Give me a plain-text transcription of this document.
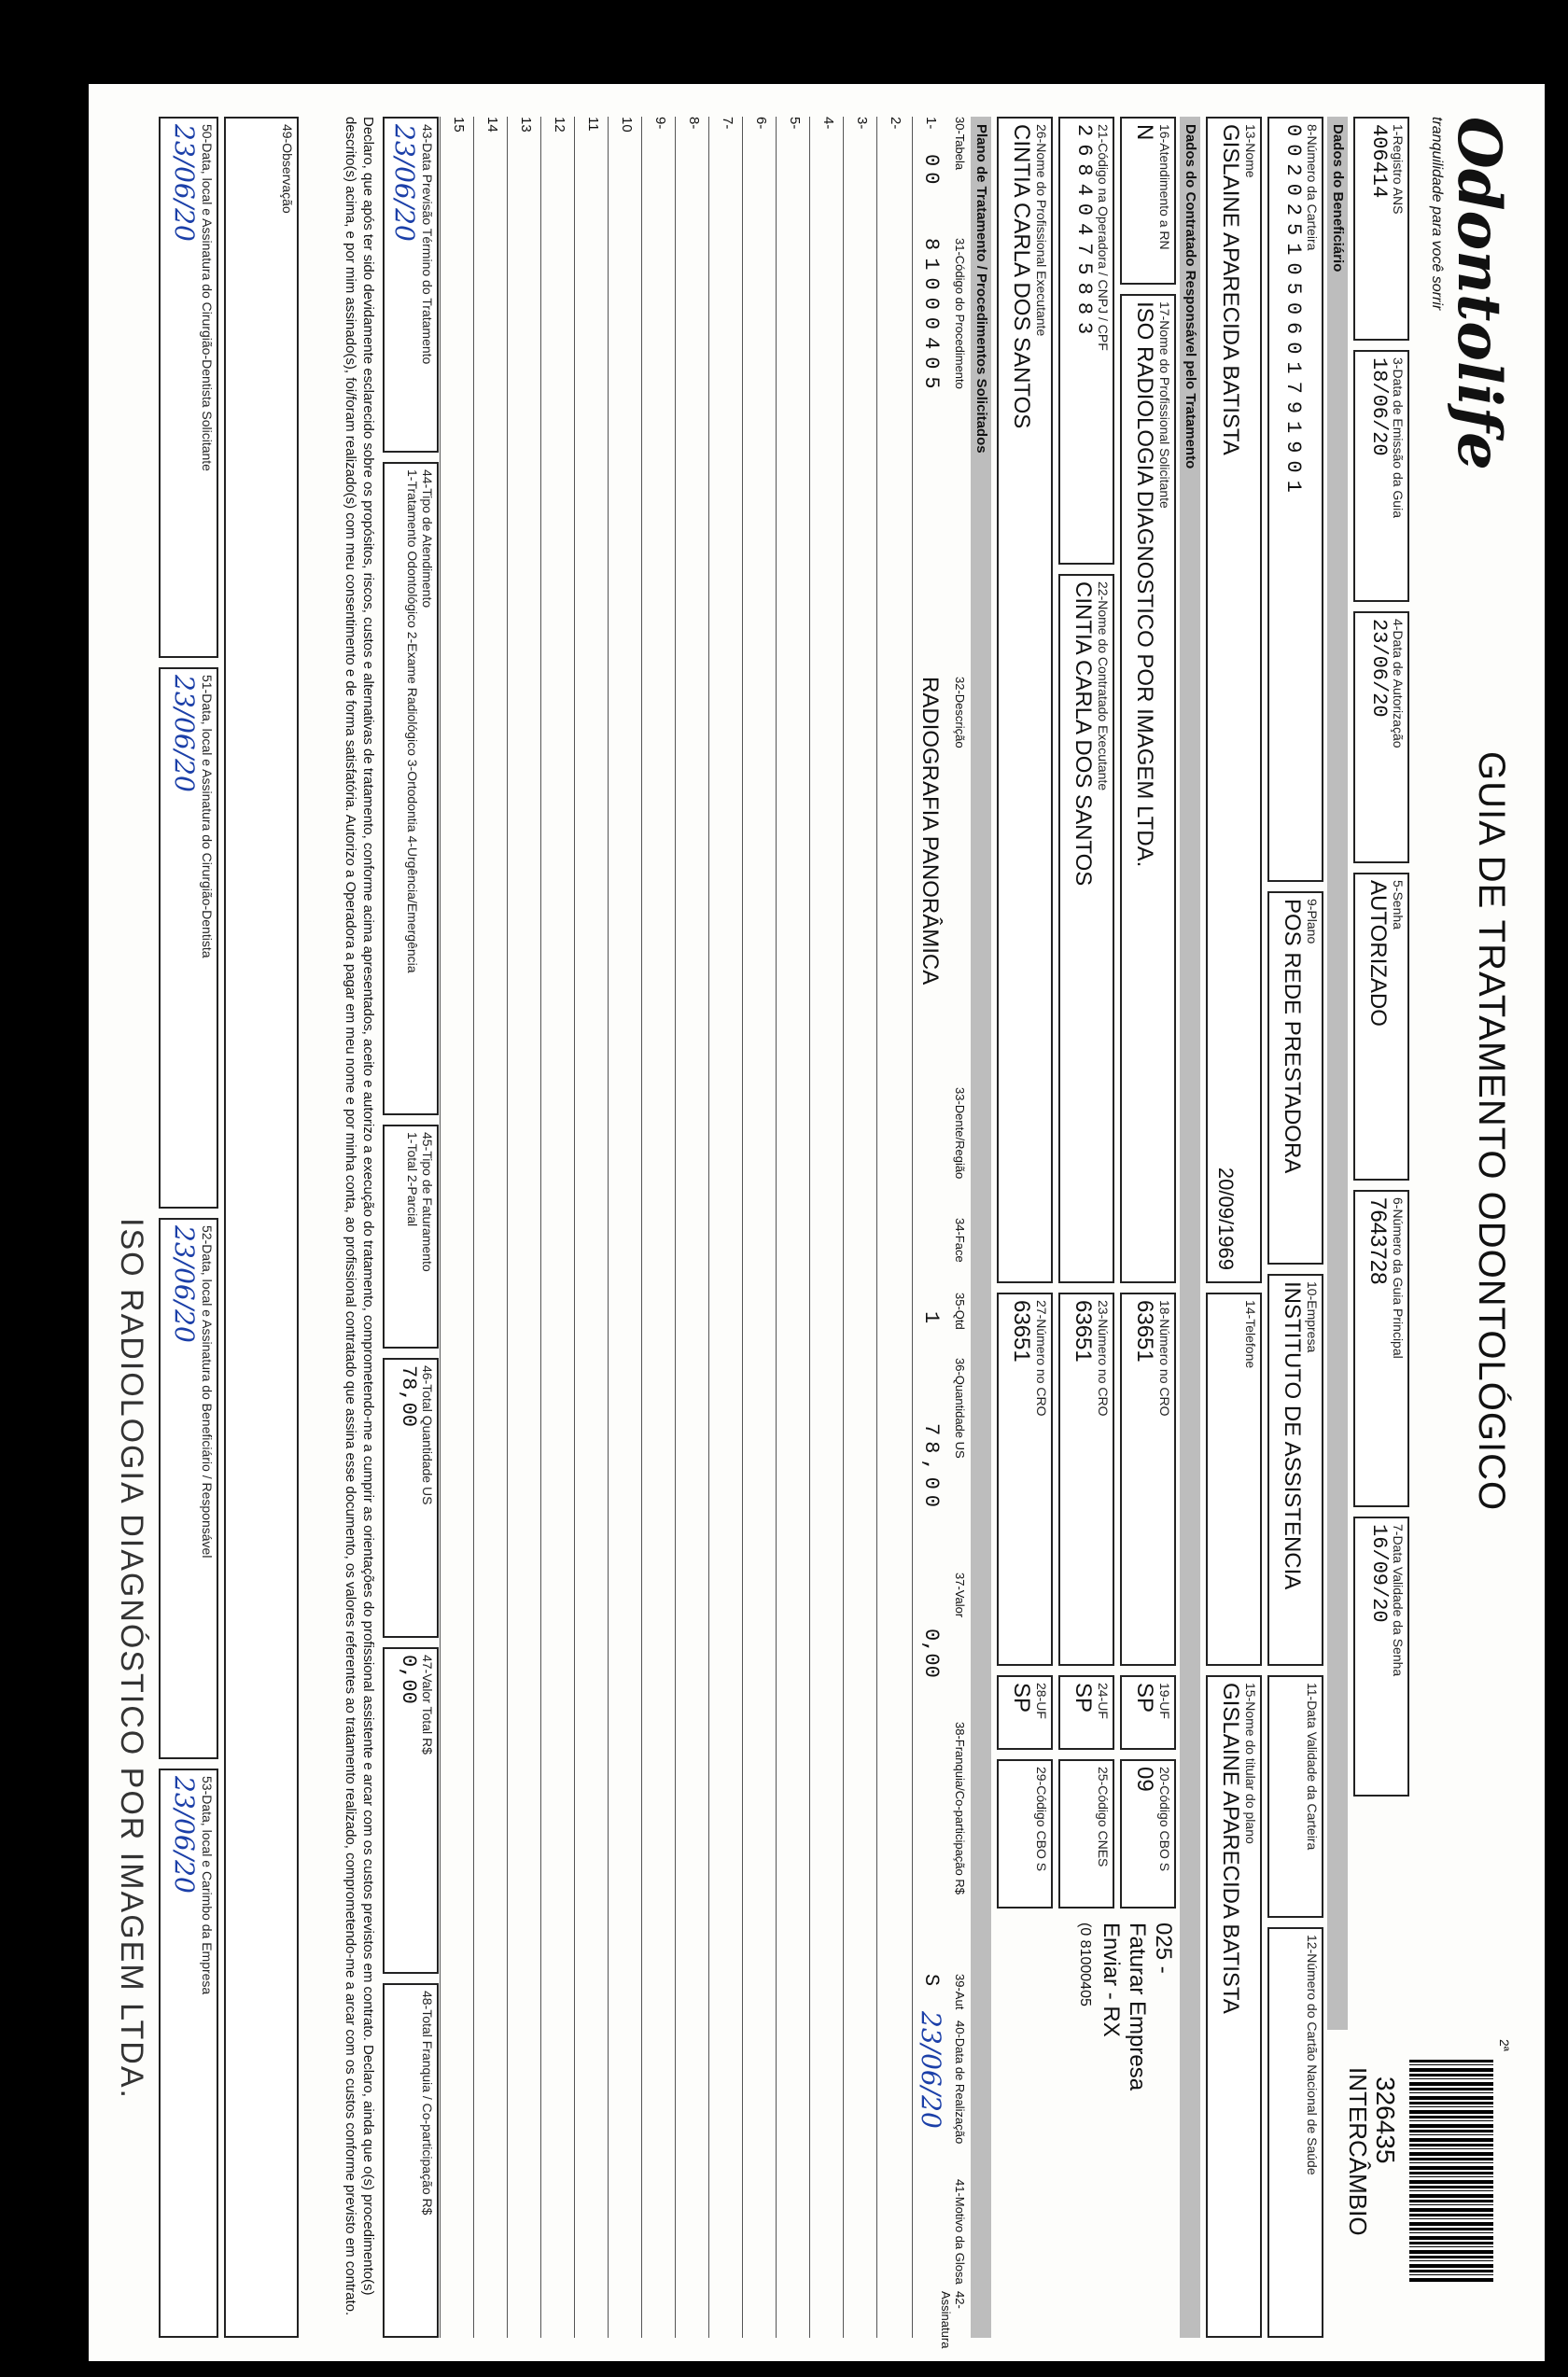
Odontolife
tranquilidade para você sorrir
GUIA DE TRATAMENTO ODONTOLÓGICO
2ª
326435
INTERCÂMBIO
1-Registro ANS
406414
3-Data de Emissão da Guia
18/06/20
4-Data de Autorização
23/06/20
5-Senha
AUTORIZADO
6-Número da Guia Principal
7643728
7-Data Validade da Senha
16/09/20
Dados do Beneficiário
8-Número da Carteira
0020251050601791901
9-Plano
POS REDE PRESTADORA
10-Empresa
INSTITUTO DE ASSISTENCIA
11-Data Validade da Carteira
12-Número do Cartão Nacional de Saúde
13-Nome
GISLAINE APARECIDA BATISTA
20/09/1969
14-Telefone
15-Nome do titular do plano
GISLAINE APARECIDA BATISTA
Dados do Contratado Responsável pelo Tratamento
16-Atendimento a RN
N
17-Nome do Profissional Solicitante
ISO RADIOLOGIA DIAGNOSTICO POR IMAGEM LTDA.
18-Número no CRO
63651
19-UF
SP
20-Código CBO S
09
025 -
Faturar Empresa
Enviar - RX
(0 81000405
21-Código na Operadora / CNPJ / CPF
26840475883
22-Nome do Contratado Executante
CINTIA CARLA DOS SANTOS
23-Número no CRO
63651
24-UF
SP
25-Código CNES
26-Nome do Profissional Executante
CINTIA CARLA DOS SANTOS
27-Número no CRO
63651
28-UF
SP
29-Código CBO S
Plano de Tratamento / Procedimentos Solicitados
30-Tabela
31-Código do Procedimento
32-Descrição
33-Dente/Região
34-Face
35-Qtd
36-Quantidade US
37-Valor
38-Franquia/Co-participação R$
39-Aut
40-Data de Realização
41-Motivo da Glosa
42-Assinatura
1-
00
81000405
RADIOGRAFIA PANORÂMICA
1
78,00
0,00
S
23/06/20
2-
3-
4-
5-
6-
7-
8-
9-
10
11
12
13
14
15
43-Data Previsão Término do Tratamento
23/06/20
44-Tipo de Atendimento
1-Tratamento Odontológico 2-Exame Radiológico 3-Ortodontia 4-Urgência/Emergência
45-Tipo de Faturamento
1-Total 2-Parcial
46-Total Quantidade US
78,00
47-Valor Total R$
0,00
48-Total Franquia / Co-participação R$
Declaro, que após ter sido devidamente esclarecido sobre os propósitos, riscos, custos e alternativas de tratamento, conforme acima apresentados, aceito e autorizo a execução do tratamento, comprometendo-me a cumprir as orientações do profissional assistente e arcar com os custos previstos em contrato. Declaro, ainda que o(s) procedimento(s) descrito(s) acima, e por mim assinado(s), foi/foram realizado(s) com meu consentimento e de forma satisfatória. Autorizo a Operadora a pagar em meu nome e por minha conta, ao profissional contratado que assina esse documento, os valores referentes ao tratamento realizado, comprometendo-me a arcar com os custos conforme previsto em contrato.
49-Observação
50-Data, local e Assinatura do Cirurgião-Dentista Solicitante
23/06/20
51-Data, local e Assinatura do Cirurgião-Dentista
23/06/20
52-Data, local e Assinatura do Beneficiário / Responsável
23/06/20
53-Data, local e Carimbo da Empresa
23/06/20
ISO RADIOLOGIA DIAGNÓSTICO POR IMAGEM LTDA.
